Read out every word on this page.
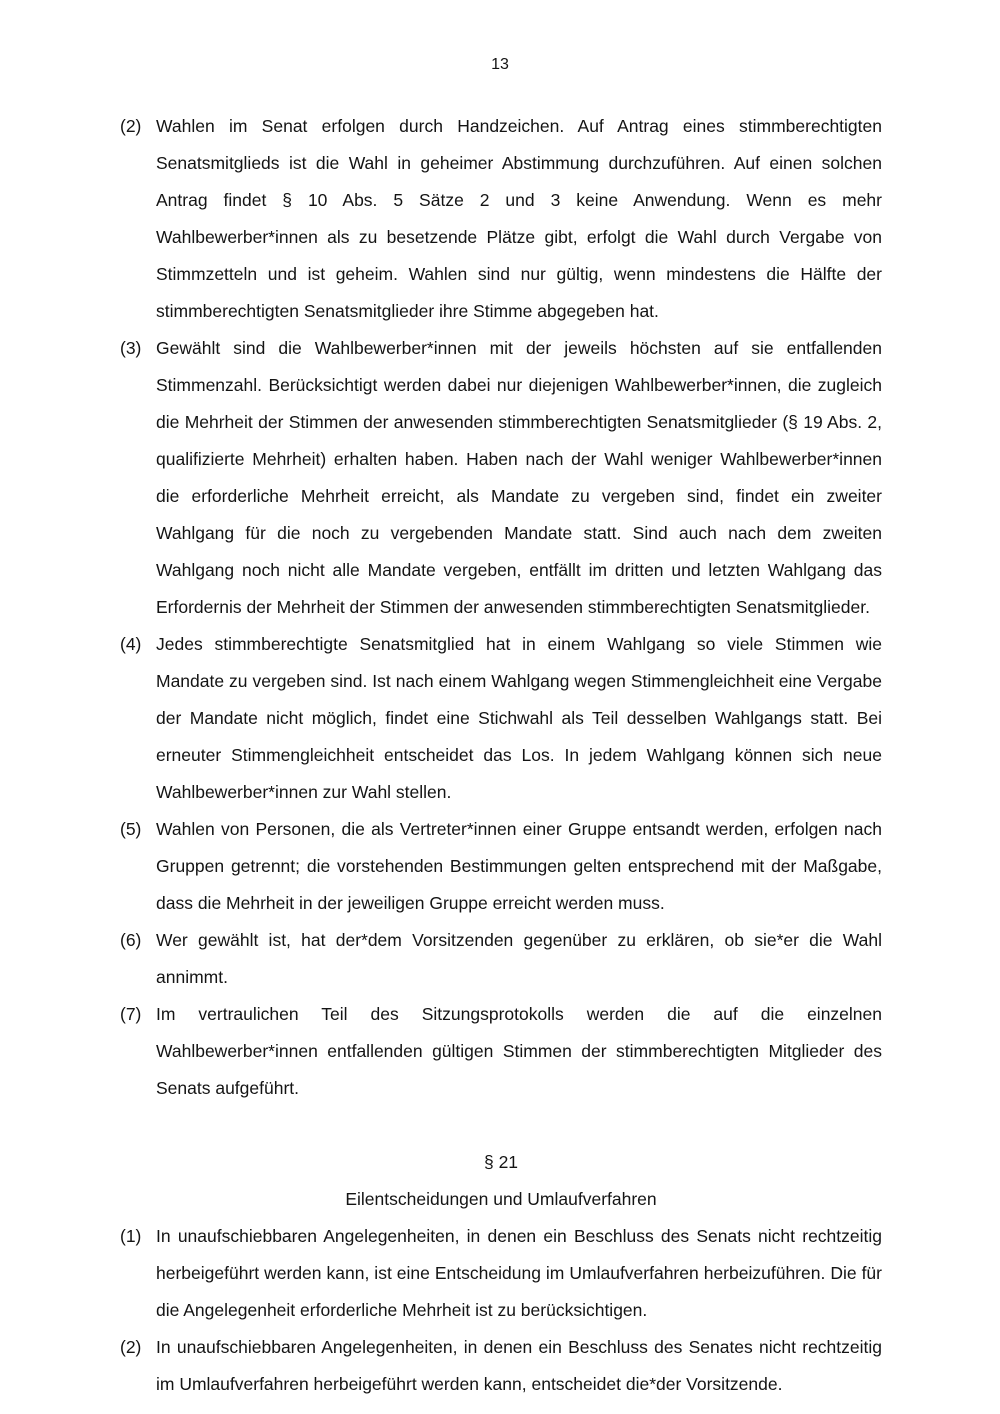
13
(2) Wahlen im Senat erfolgen durch Handzeichen. Auf Antrag eines stimmberechtigten Senatsmitglieds ist die Wahl in geheimer Abstimmung durchzuführen. Auf einen solchen Antrag findet § 10 Abs. 5 Sätze 2 und 3 keine Anwendung. Wenn es mehr Wahlbewerber*innen als zu besetzende Plätze gibt, erfolgt die Wahl durch Vergabe von Stimmzetteln und ist geheim. Wahlen sind nur gültig, wenn mindestens die Hälfte der stimmberechtigten Senatsmitglieder ihre Stimme abgegeben hat.
(3) Gewählt sind die Wahlbewerber*innen mit der jeweils höchsten auf sie entfallenden Stimmenzahl. Berücksichtigt werden dabei nur diejenigen Wahlbewerber*innen, die zugleich die Mehrheit der Stimmen der anwesenden stimmberechtigten Senatsmitglieder (§ 19 Abs. 2, qualifizierte Mehrheit) erhalten haben. Haben nach der Wahl weniger Wahlbewerber*innen die erforderliche Mehrheit erreicht, als Mandate zu vergeben sind, findet ein zweiter Wahlgang für die noch zu vergebenden Mandate statt. Sind auch nach dem zweiten Wahlgang noch nicht alle Mandate vergeben, entfällt im dritten und letzten Wahlgang das Erfordernis der Mehrheit der Stimmen der anwesenden stimmberechtigten Senatsmitglieder.
(4) Jedes stimmberechtigte Senatsmitglied hat in einem Wahlgang so viele Stimmen wie Mandate zu vergeben sind. Ist nach einem Wahlgang wegen Stimmengleichheit eine Vergabe der Mandate nicht möglich, findet eine Stichwahl als Teil desselben Wahlgangs statt. Bei erneuter Stimmengleichheit entscheidet das Los. In jedem Wahlgang können sich neue Wahlbewerber*innen zur Wahl stellen.
(5) Wahlen von Personen, die als Vertreter*innen einer Gruppe entsandt werden, erfolgen nach Gruppen getrennt; die vorstehenden Bestimmungen gelten entsprechend mit der Maßgabe, dass die Mehrheit in der jeweiligen Gruppe erreicht werden muss.
(6) Wer gewählt ist, hat der*dem Vorsitzenden gegenüber zu erklären, ob sie*er die Wahl annimmt.
(7) Im vertraulichen Teil des Sitzungsprotokolls werden die auf die einzelnen Wahlbewerber*innen entfallenden gültigen Stimmen der stimmberechtigten Mitglieder des Senats aufgeführt.
§ 21
Eilentscheidungen und Umlaufverfahren
(1) In unaufschiebbaren Angelegenheiten, in denen ein Beschluss des Senats nicht rechtzeitig herbeigeführt werden kann, ist eine Entscheidung im Umlaufverfahren herbeizuführen. Die für die Angelegenheit erforderliche Mehrheit ist zu berücksichtigen.
(2) In unaufschiebbaren Angelegenheiten, in denen ein Beschluss des Senates nicht rechtzeitig im Umlaufverfahren herbeigeführt werden kann, entscheidet die*der Vorsitzende.
